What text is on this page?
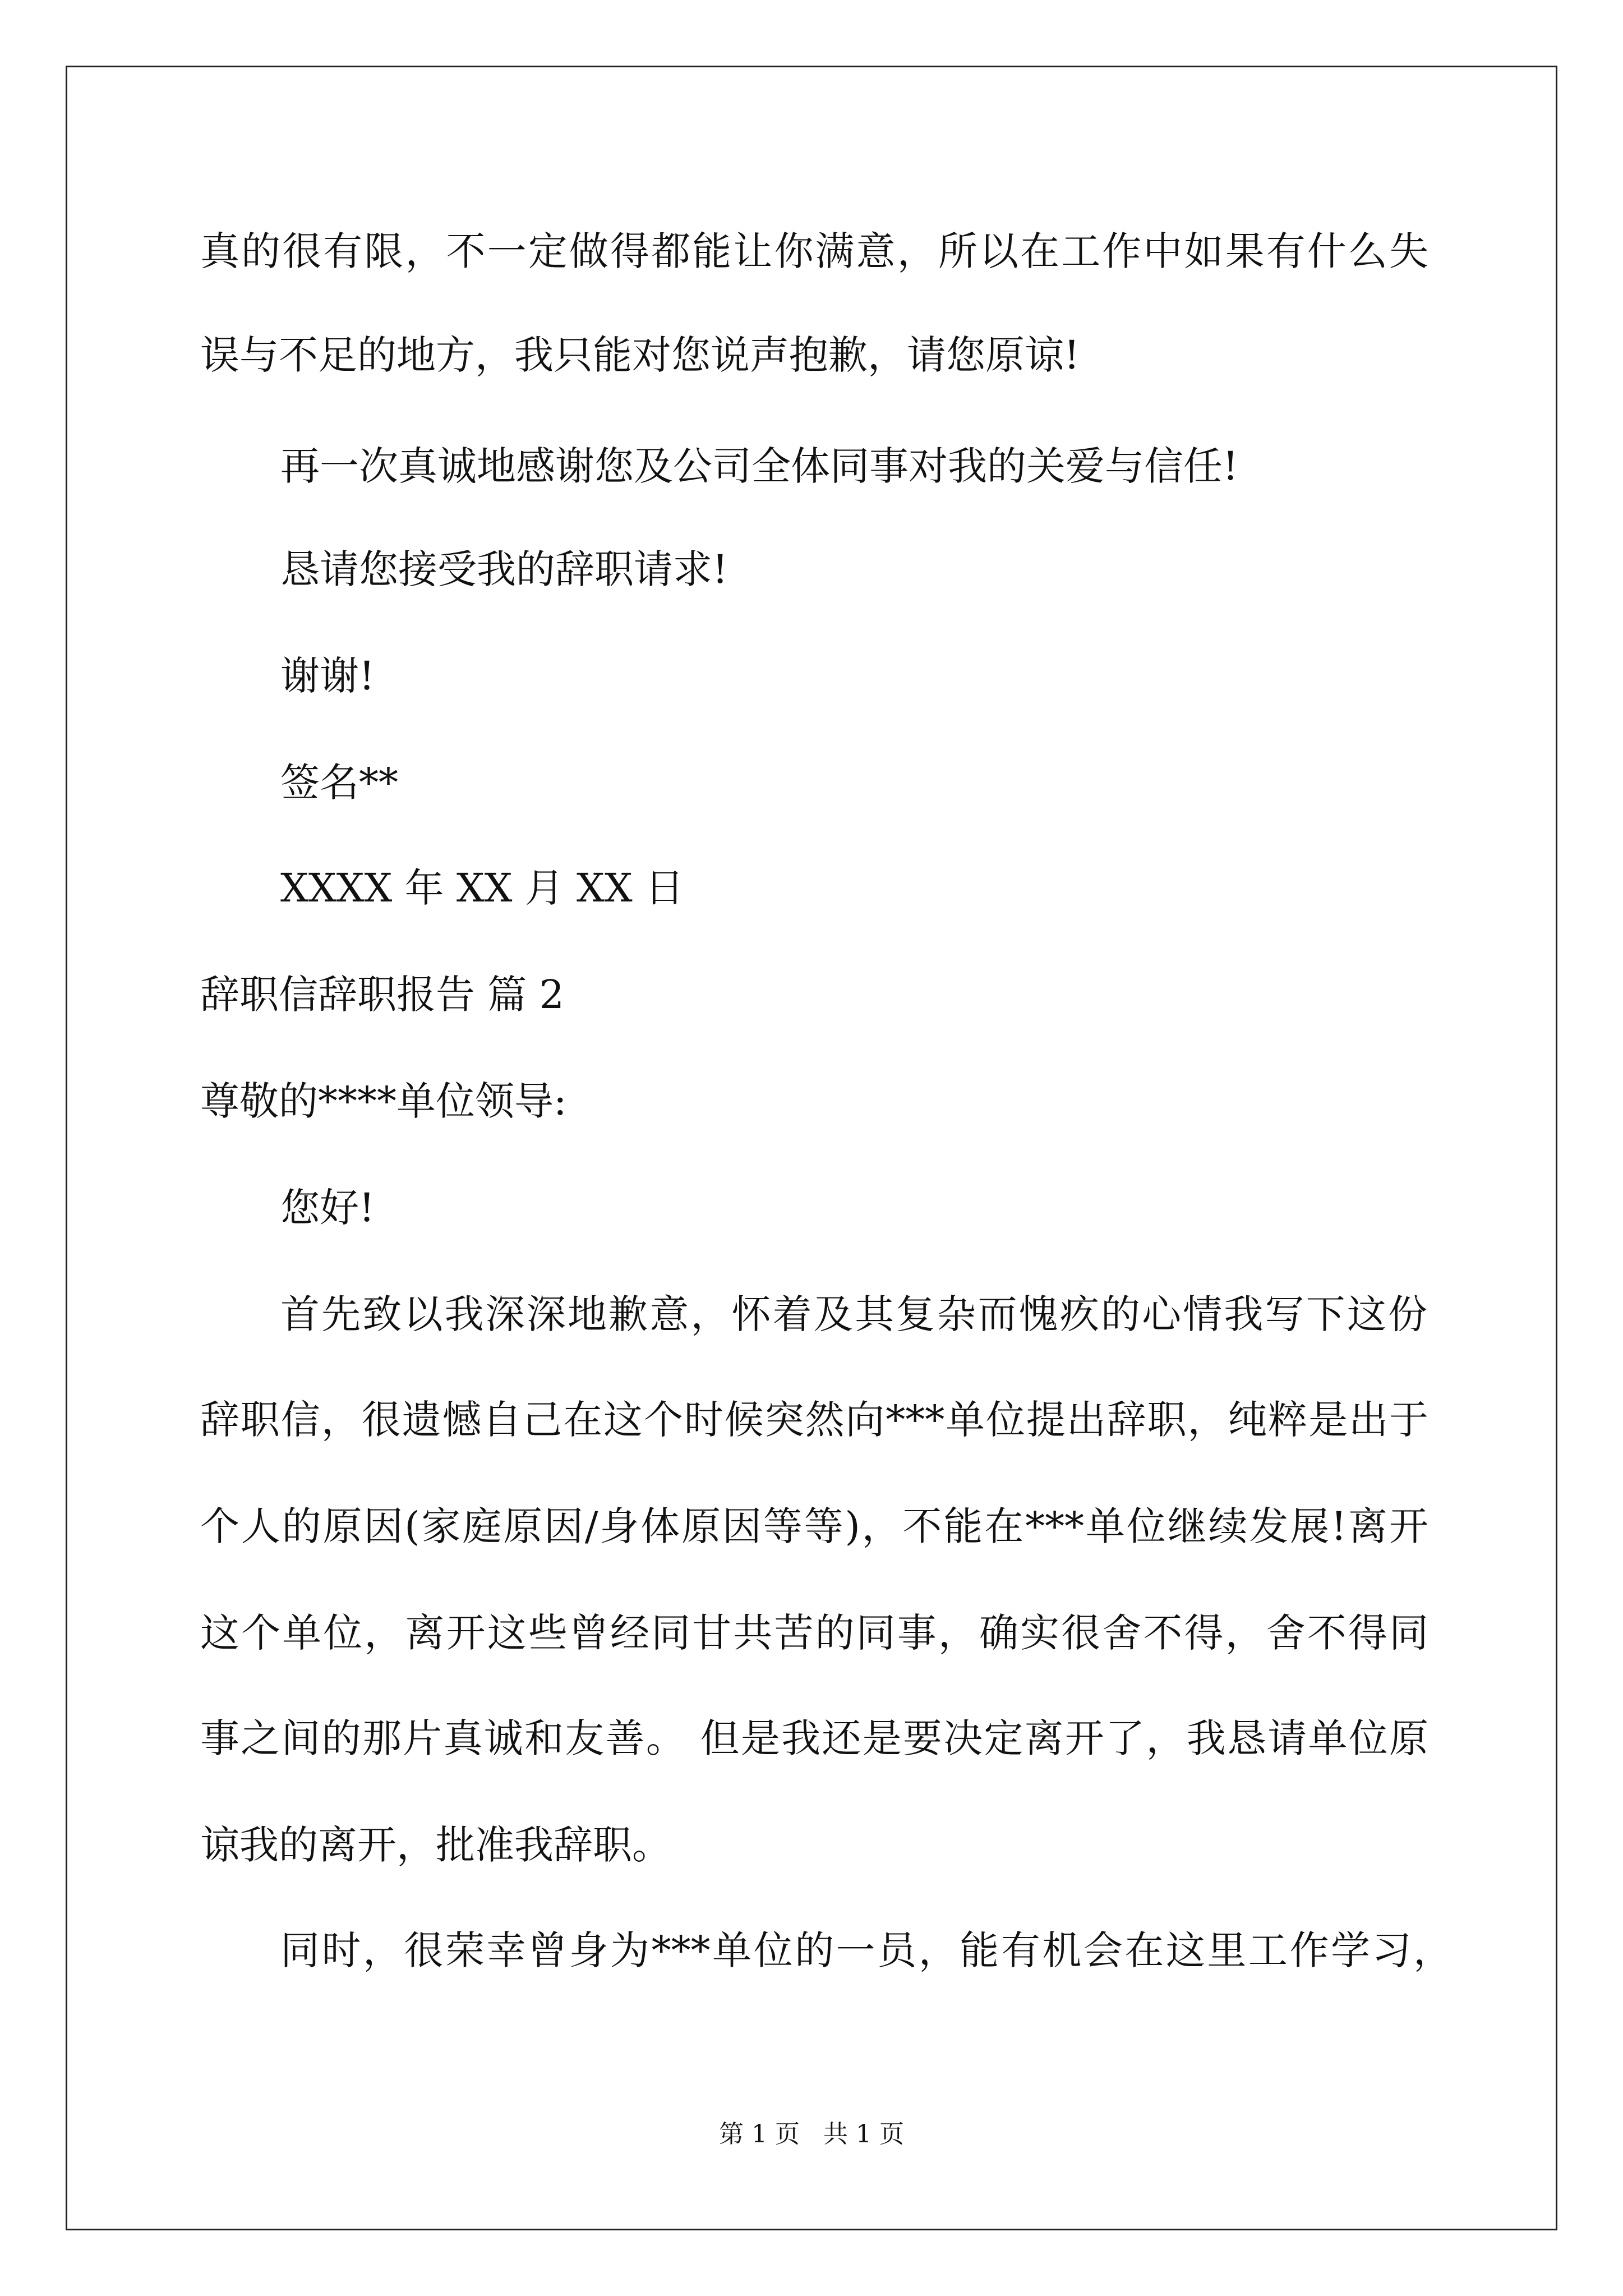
真的很有限，不一定做得都能让你满意，所以在工作中如果有什么失

误与不足的地方，我只能对您说声抱歉，请您原谅!

再一次真诚地感谢您及公司全体同事对我的关爱与信任!

恳请您接受我的辞职请求!

谢谢!

签名**

XXXX 年 XX 月 XX 日

辞职信辞职报告 篇 2

尊敬的****单位领导:

您好!

首先致以我深深地歉意，怀着及其复杂而愧疚的心情我写下这份

辞职信，很遗憾自己在这个时候突然向***单位提出辞职，纯粹是出于

个人的原因(家庭原因/身体原因等等)，不能在***单位继续发展!离开

这个单位，离开这些曾经同甘共苦的同事，确实很舍不得，舍不得同

事之间的那片真诚和友善。 但是我还是要决定离开了，我恳请单位原

谅我的离开，批准我辞职。

同时，很荣幸曾身为***单位的一员，能有机会在这里工作学习，

第 1 页 共 1 页
